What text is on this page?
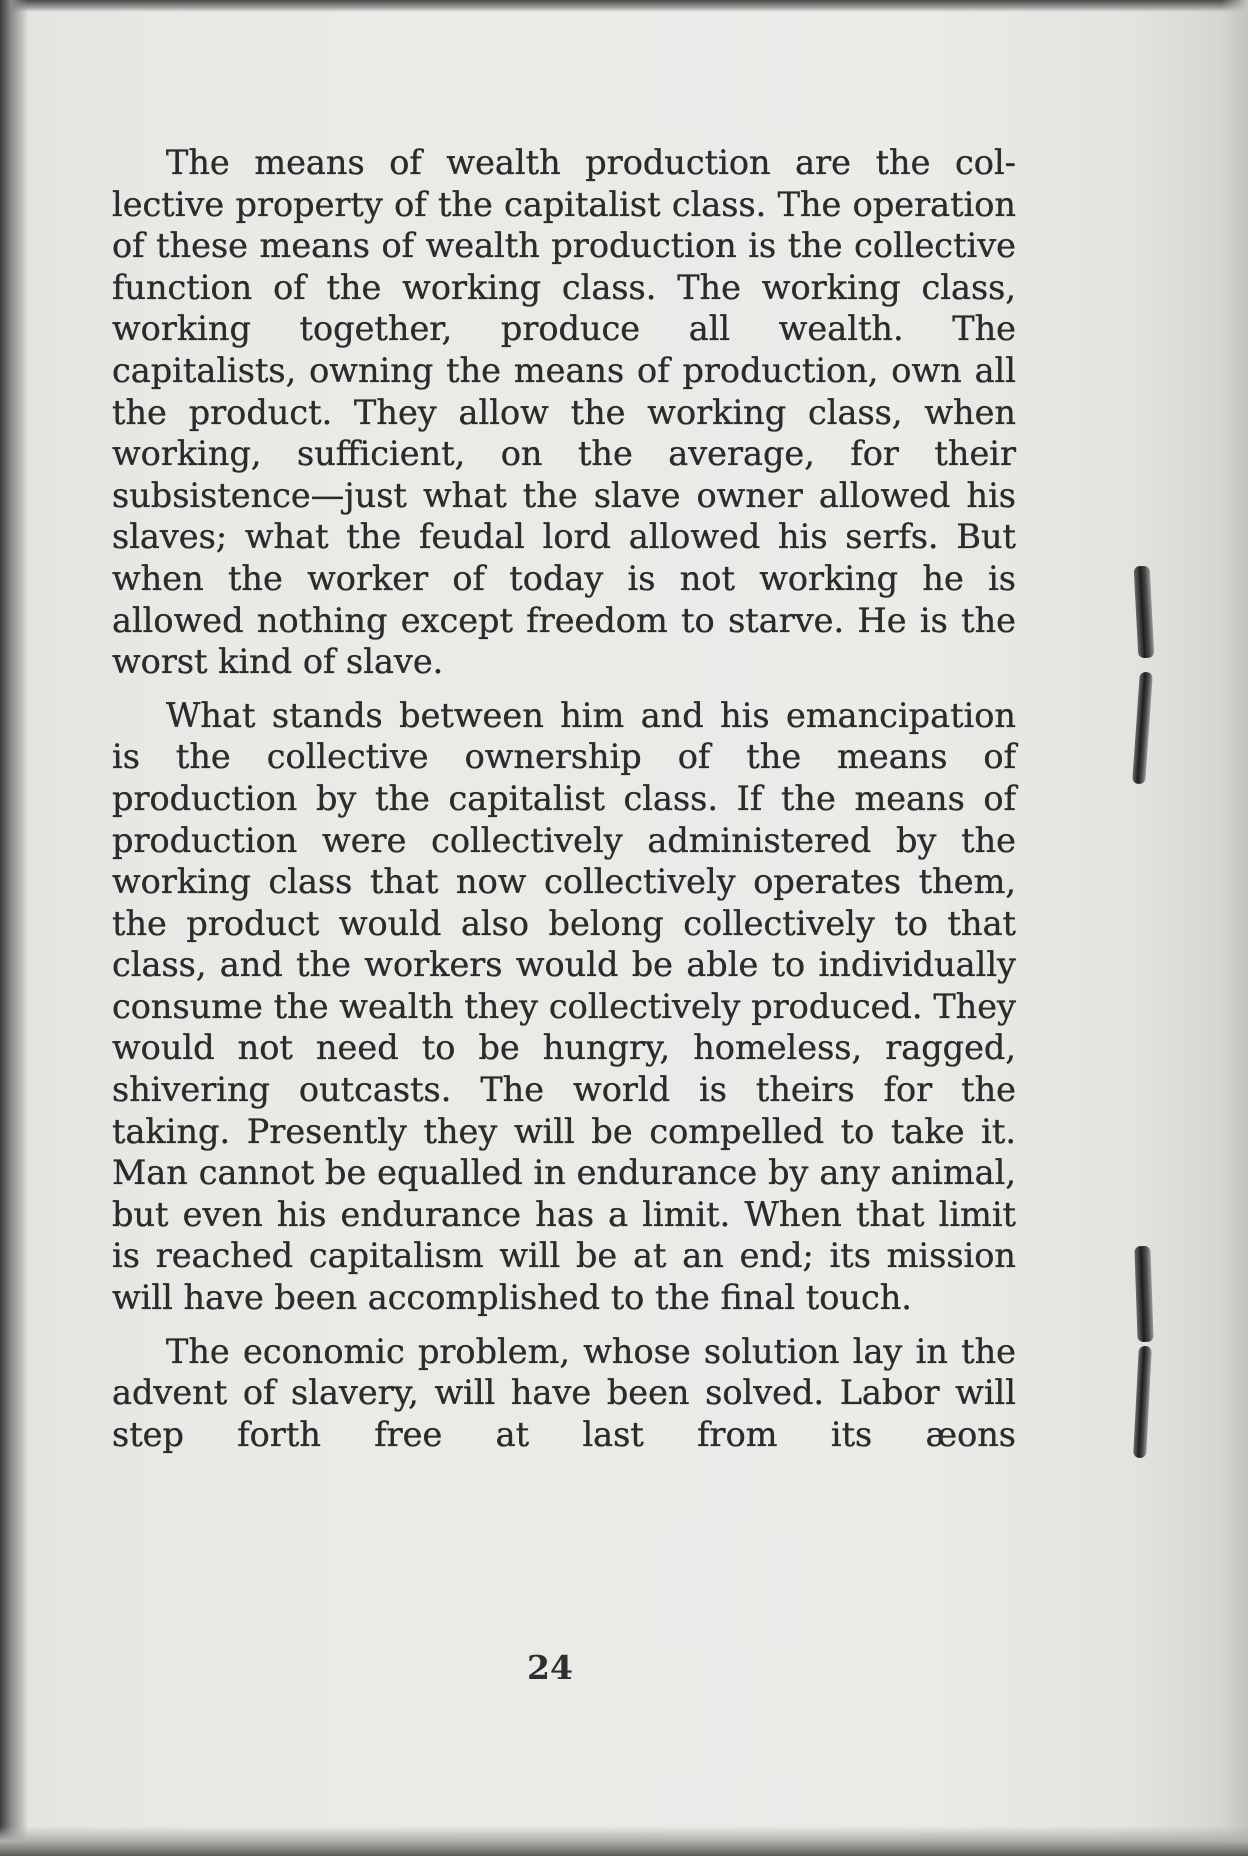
The means of wealth production are the collective property of the capitalist class. The operation of these means of wealth production is the collective function of the working class. The working class, working together, produce all wealth. The capitalists, owning the means of production, own all the product. They allow the working class, when working, sufficient, on the average, for their subsistence—just what the slave owner allowed his slaves; what the feudal lord allowed his serfs. But when the worker of today is not working he is allowed nothing except freedom to starve. He is the worst kind of slave.

What stands between him and his emancipation is the collective ownership of the means of production by the capitalist class. If the means of production were collectively administered by the working class that now collectively operates them, the product would also belong collectively to that class, and the workers would be able to individually consume the wealth they collectively produced. They would not need to be hungry, homeless, ragged, shivering outcasts. The world is theirs for the taking. Presently they will be compelled to take it. Man cannot be equalled in endurance by any animal, but even his endurance has a limit. When that limit is reached capitalism will be at an end; its mission will have been accomplished to the final touch.

The economic problem, whose solution lay in the advent of slavery, will have been solved. Labor will step forth free at last from its æons

24
